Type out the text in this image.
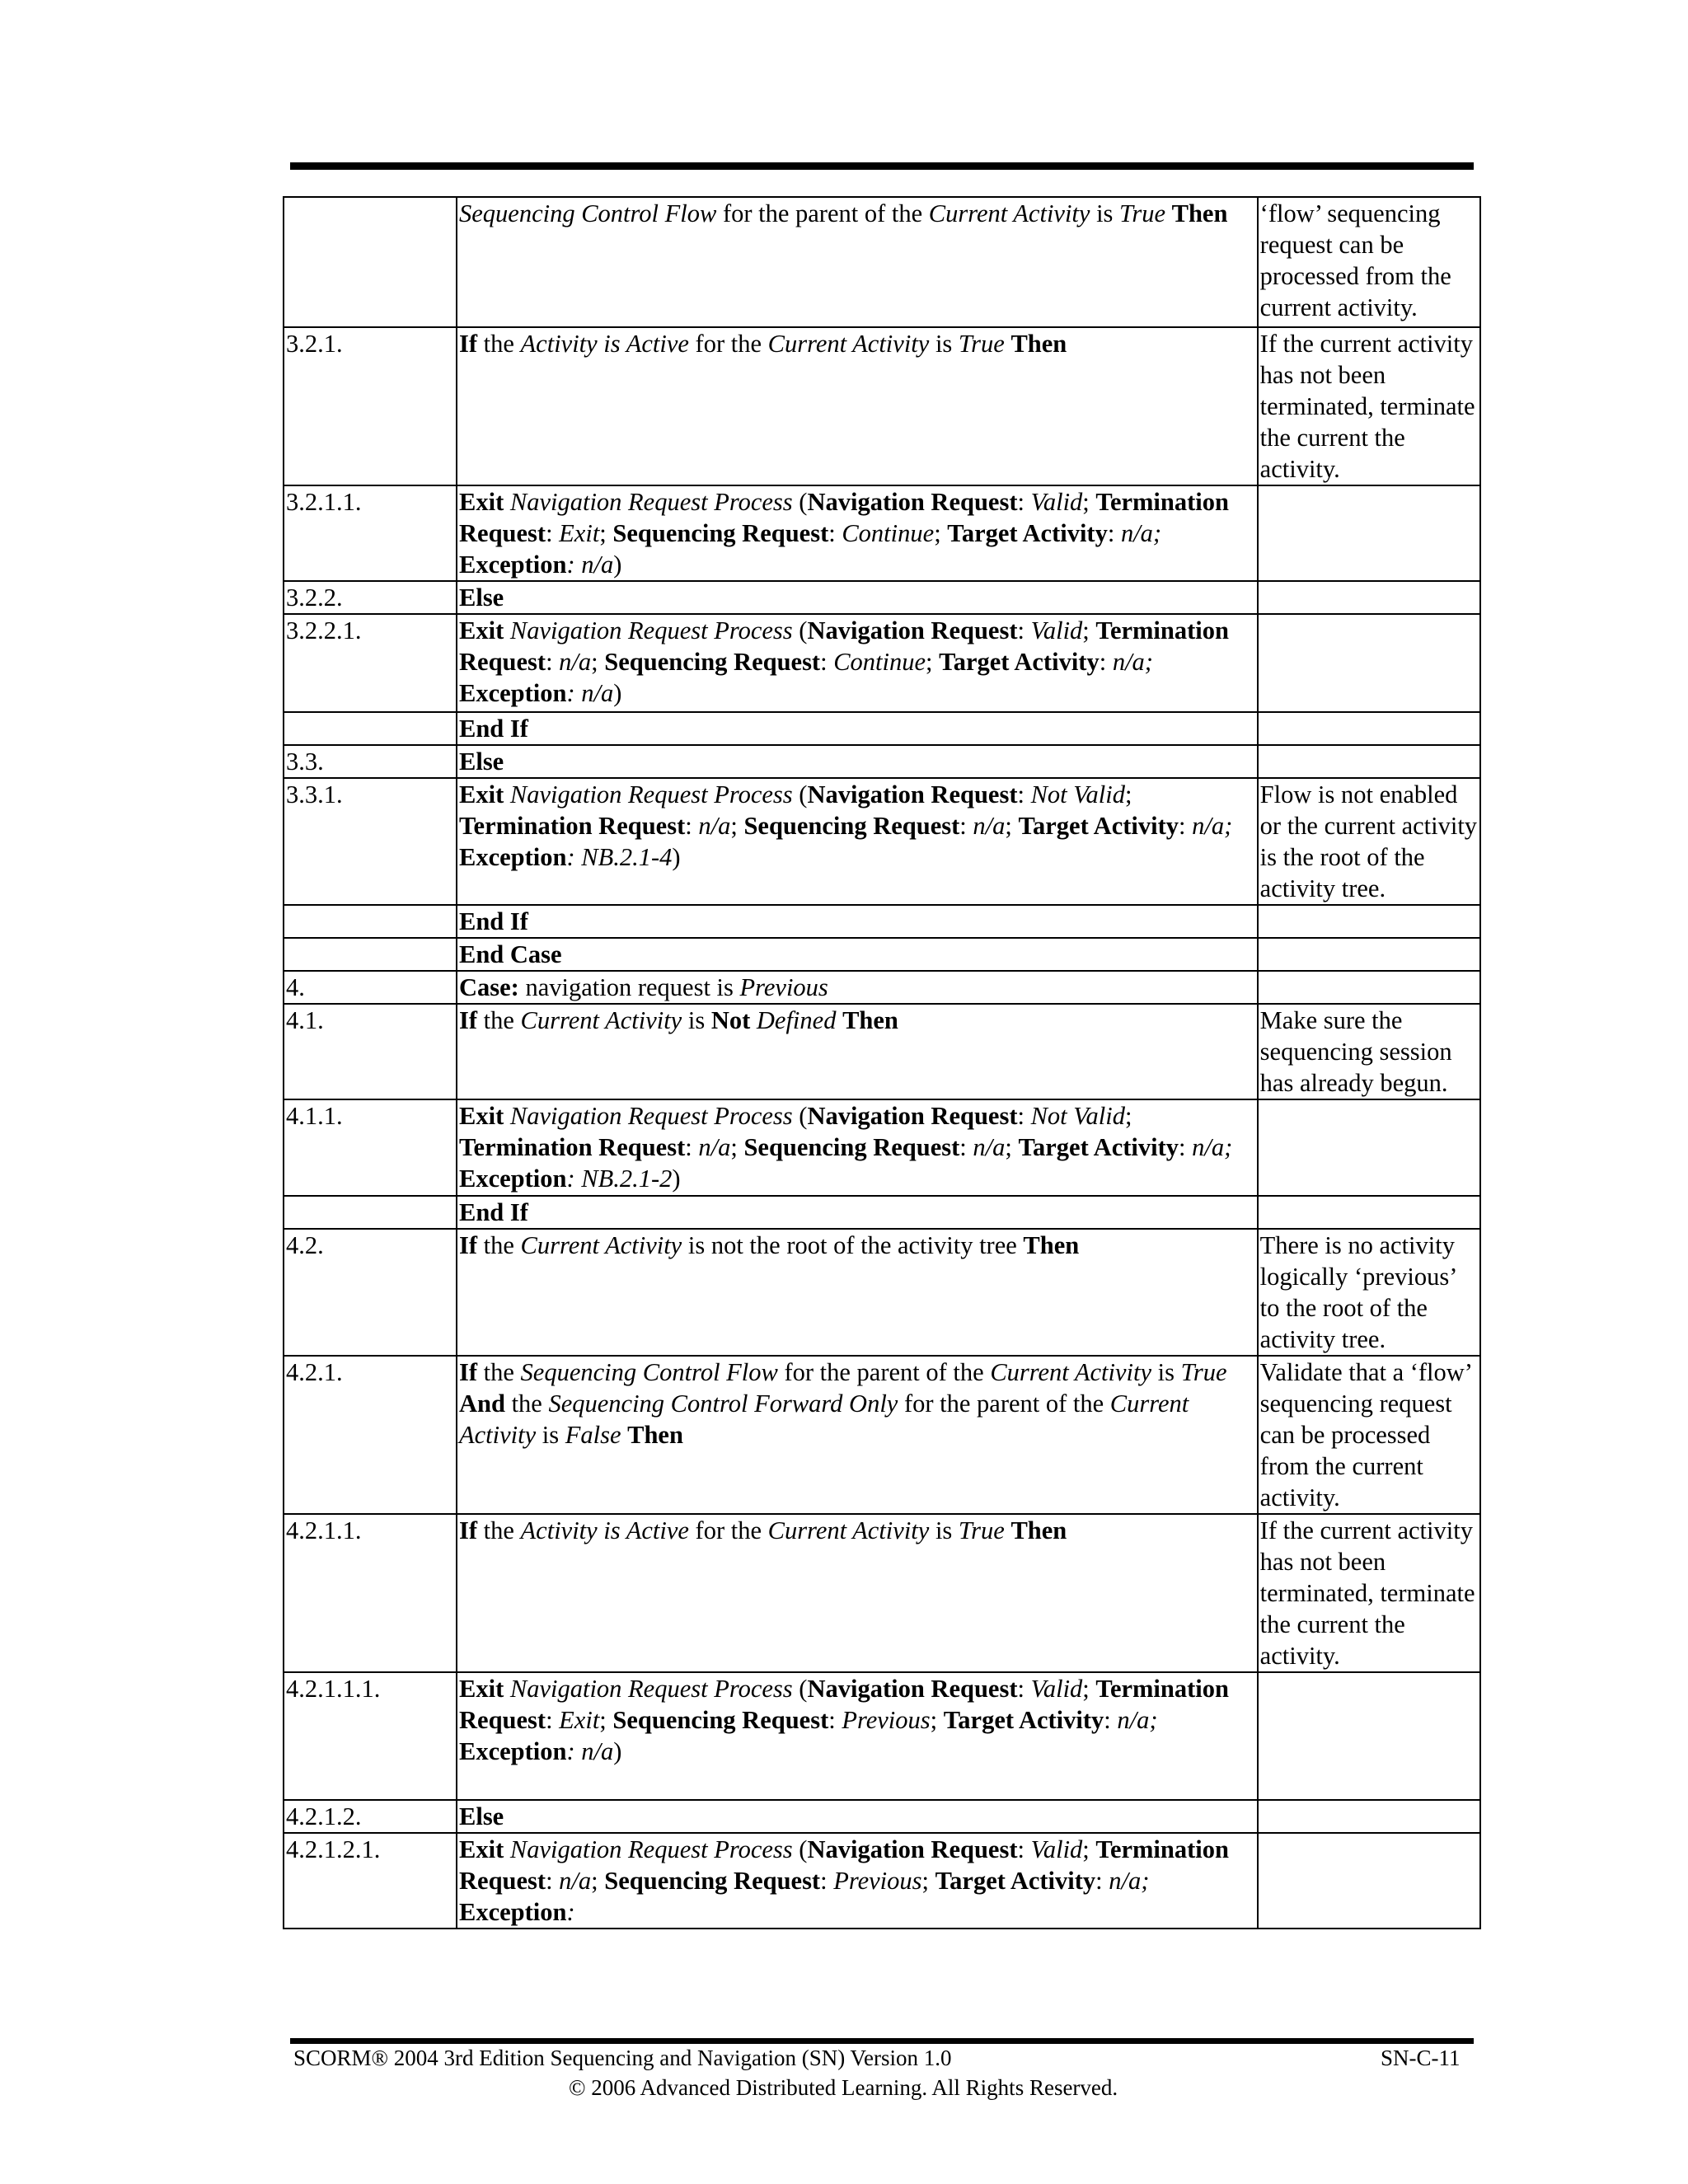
	Sequencing Control Flow for the parent of the Current Activity is True Then	‘flow’ sequencing request can be processed from the current activity.
3.2.1.	If the Activity is Active for the Current Activity is True Then	If the current activity has not been terminated, terminate the current the activity.
3.2.1.1.	Exit Navigation Request Process (Navigation Request: Valid; Termination Request: Exit; Sequencing Request: Continue; Target Activity: n/a; Exception: n/a)	
3.2.2.	Else	
3.2.2.1.	Exit Navigation Request Process (Navigation Request: Valid; Termination Request: n/a; Sequencing Request: Continue; Target Activity: n/a; Exception: n/a)	
	End If	
3.3.	Else	
3.3.1.	Exit Navigation Request Process (Navigation Request: Not Valid; Termination Request: n/a; Sequencing Request: n/a; Target Activity: n/a; Exception: NB.2.1-4)	Flow is not enabled or the current activity is the root of the activity tree.
	End If	
	End Case	
4.	Case: navigation request is Previous	
4.1.	If the Current Activity is Not Defined Then	Make sure the sequencing session has already begun.
4.1.1.	Exit Navigation Request Process (Navigation Request: Not Valid; Termination Request: n/a; Sequencing Request: n/a; Target Activity: n/a; Exception: NB.2.1-2)	
	End If	
4.2.	If the Current Activity is not the root of the activity tree Then	There is no activity logically ‘previous’ to the root of the activity tree.
4.2.1.	If the Sequencing Control Flow for the parent of the Current Activity is True And the Sequencing Control Forward Only for the parent of the Current Activity is False Then	Validate that a ‘flow’ sequencing request can be processed from the current activity.
4.2.1.1.	If the Activity is Active for the Current Activity is True Then	If the current activity has not been terminated, terminate the current the activity.
4.2.1.1.1.	Exit Navigation Request Process (Navigation Request: Valid; Termination Request: Exit; Sequencing Request: Previous; Target Activity: n/a; Exception: n/a)	
4.2.1.2.	Else	
4.2.1.2.1.	Exit Navigation Request Process (Navigation Request: Valid; Termination Request: n/a; Sequencing Request: Previous; Target Activity: n/a; Exception:	
SCORM® 2004 3rd Edition Sequencing and Navigation (SN) Version 1.0	SN-C-11
© 2006 Advanced Distributed Learning. All Rights Reserved.
